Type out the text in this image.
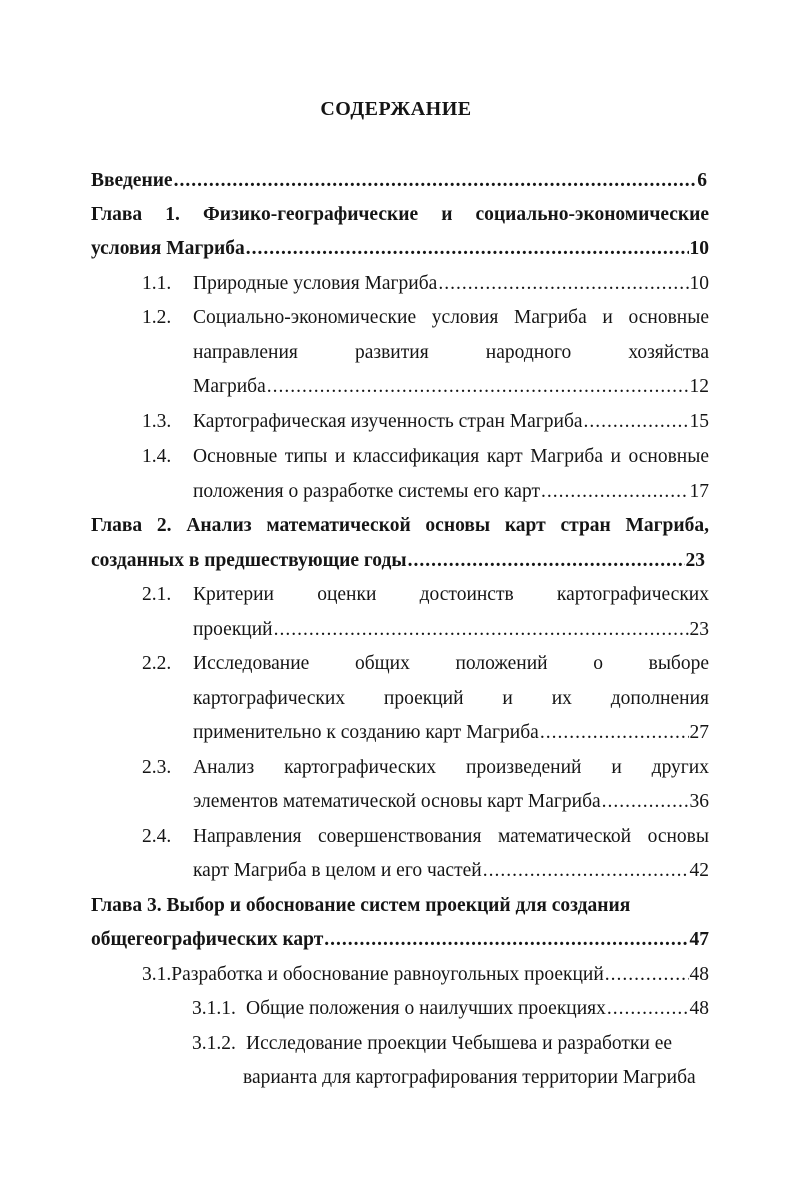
СОДЕРЖАНИЕ
Введение .....	6
Глава 1. Физико-географические и социально-экономические
условия Магриба .....	10
1.1. Природные условия Магриба .....	10
1.2. Социально-экономические условия Магриба и основные
направления развития народного хозяйства
Магриба .....	12
1.3. Картографическая изученность стран Магриба .....	15
1.4. Основные типы и классификация карт Магриба и основные
положения о разработке системы его карт .....	17
Глава 2. Анализ математической основы карт стран Магриба,
созданных в предшествующие годы .....	23
2.1. Критерии оценки достоинств картографических
проекций .....	23
2.2. Исследование общих положений о выборе
картографических проекций и их дополнения
применительно к созданию карт Магриба .....	27
2.3. Анализ картографических произведений и других
элементов математической основы карт Магриба .....	36
2.4. Направления совершенствования математической основы
карт Магриба в целом и его частей .....	42
Глава 3. Выбор и обоснование систем проекций для создания
общегеографических карт .....	47
3.1.Разработка и обоснование равноугольных проекций .....	48
3.1.1. Общие положения о наилучших проекциях .....	48
3.1.2. Исследование проекции Чебышева и разработки ее
варианта для картографирования территории Магриба
